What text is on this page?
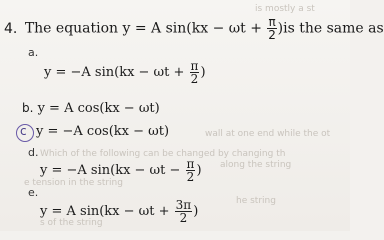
is mostly a st
wall at one end while the ot
Which of the following can be changed by changing th
along the string
e tension in the string
he string
s of the string
4. The equation y = A $\sin(kx - \omega t + \frac{\pi}{2} )is$ the same as
a.
y = −A $\sin(kx - \omega t + \frac{\pi}{2}$ )
b. y = A cos(kx − ωt)
c y = −A cos(kx − ωt)
d.
y = −A $\sin(kx - \omega t - \frac{\pi}{2}$ )
e.
y = A $\sin(kx - \omega t + \frac{3\pi}{2}$ )
